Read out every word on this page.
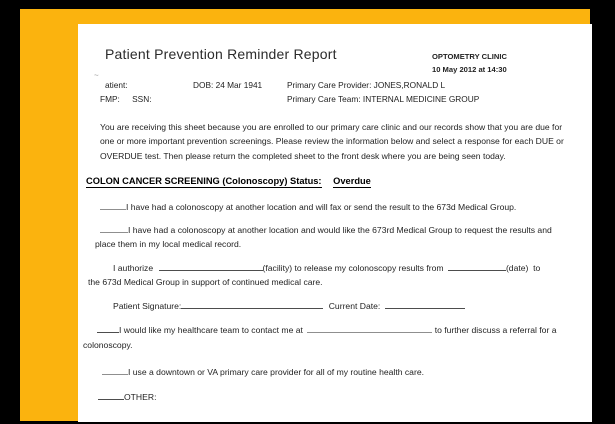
Patient Prevention Reminder Report	OPTOMETRY CLINIC
10 May 2012 at 14:30
~
atient:	DOB: 24 Mar 1941	Primary Care Provider: JONES,RONALD L
FMP: SSN:	Primary Care Team: INTERNAL MEDICINE GROUP
You are receiving this sheet because you are enrolled to our primary care clinic and our records show that you are due for one or more important prevention screenings. Please review the information below and select a response for each DUE or OVERDUE test. Then please return the completed sheet to the front desk where you are being seen today.
COLON CANCER SCREENING (Colonoscopy) Status: Overdue
I have had a colonoscopy at another location and will fax or send the result to the 673d Medical Group.
I have had a colonoscopy at another location and would like the 673rd Medical Group to request the results and
place them in my local medical record.
I authorize	(facility) to release my colonoscopy results from	(date)  to
the 673d Medical Group in support of continued medical care.
Patient Signature:	Current Date:
I would like my healthcare team to contact me at	to further discuss a referral for a
colonoscopy.
I use a downtown or VA primary care provider for all of my routine health care.
OTHER:
